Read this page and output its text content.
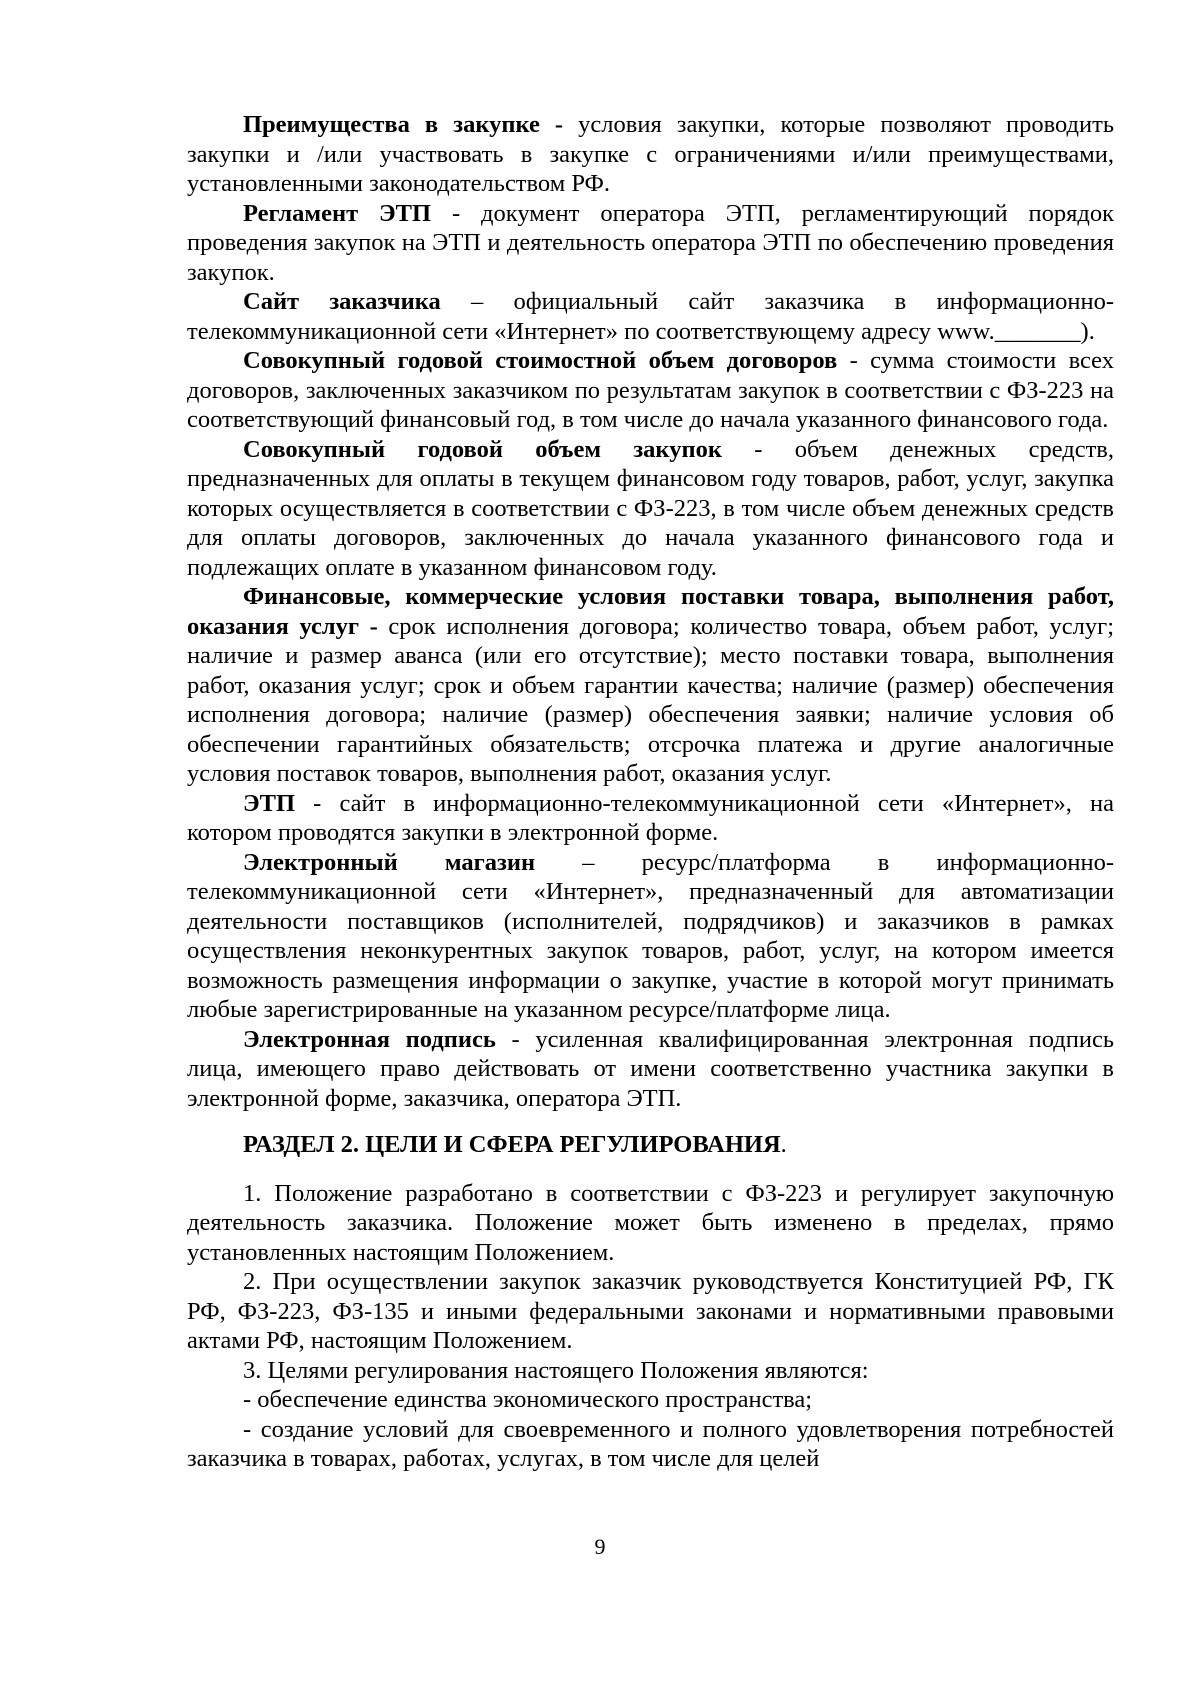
Преимущества в закупке - условия закупки, которые позволяют проводить закупки и /или участвовать в закупке с ограничениями и/или преимуществами, установленными законодательством РФ.

Регламент ЭТП - документ оператора ЭТП, регламентирующий порядок проведения закупок на ЭТП и деятельность оператора ЭТП по обеспечению проведения закупок.

Сайт заказчика – официальный сайт заказчика в информационно-телекоммуникационной сети «Интернет» по соответствующему адресу www._______).

Совокупный годовой стоимостной объем договоров - сумма стоимости всех договоров, заключенных заказчиком по результатам закупок в соответствии с ФЗ-223 на соответствующий финансовый год, в том числе до начала указанного финансового года.

Совокупный годовой объем закупок - объем денежных средств, предназначенных для оплаты в текущем финансовом году товаров, работ, услуг, закупка которых осуществляется в соответствии с ФЗ-223, в том числе объем денежных средств для оплаты договоров, заключенных до начала указанного финансового года и подлежащих оплате в указанном финансовом году.

Финансовые, коммерческие условия поставки товара, выполнения работ, оказания услуг - срок исполнения договора; количество товара, объем работ, услуг; наличие и размер аванса (или его отсутствие); место поставки товара, выполнения работ, оказания услуг; срок и объем гарантии качества; наличие (размер) обеспечения исполнения договора; наличие (размер) обеспечения заявки; наличие условия об обеспечении гарантийных обязательств; отсрочка платежа и другие аналогичные условия поставок товаров, выполнения работ, оказания услуг.

ЭТП - сайт в информационно-телекоммуникационной сети «Интернет», на котором проводятся закупки в электронной форме.

Электронный магазин – ресурс/платформа в информационно-телекоммуникационной сети «Интернет», предназначенный для автоматизации деятельности поставщиков (исполнителей, подрядчиков) и заказчиков в рамках осуществления неконкурентных закупок товаров, работ, услуг, на котором имеется возможность размещения информации о закупке, участие в которой могут принимать любые зарегистрированные на указанном ресурсе/платформе лица.

Электронная подпись - усиленная квалифицированная электронная подпись лица, имеющего право действовать от имени соответственно участника закупки в электронной форме, заказчика, оператора ЭТП.

РАЗДЕЛ 2. ЦЕЛИ И СФЕРА РЕГУЛИРОВАНИЯ.

1. Положение разработано в соответствии с ФЗ-223 и регулирует закупочную деятельность заказчика. Положение может быть изменено в пределах, прямо установленных настоящим Положением.

2. При осуществлении закупок заказчик руководствуется Конституцией РФ, ГК РФ, ФЗ-223, ФЗ-135 и иными федеральными законами и нормативными правовыми актами РФ, настоящим Положением.

3. Целями регулирования настоящего Положения являются:

- обеспечение единства экономического пространства;

- создание условий для своевременного и полного удовлетворения потребностей заказчика в товарах, работах, услугах, в том числе для целей

9
